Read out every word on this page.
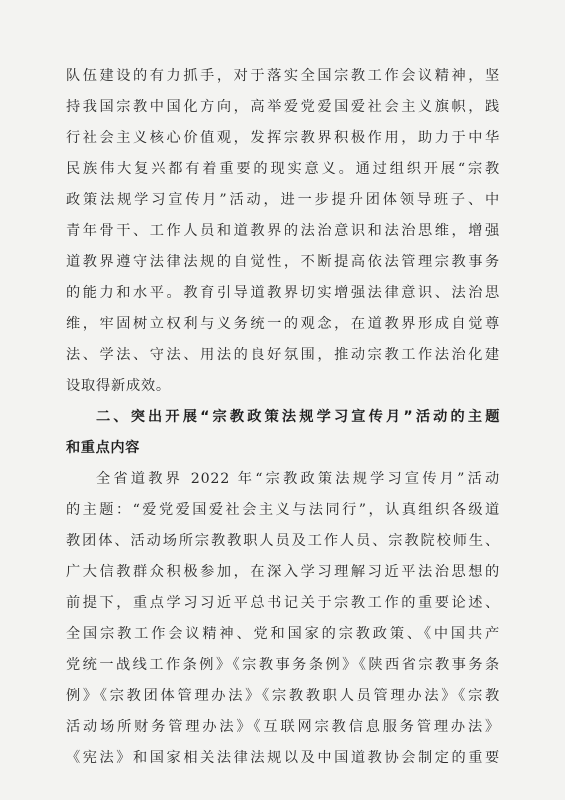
队伍建设的有力抓手，对于落实全国宗教工作会议精神，坚
持我国宗教中国化方向，高举爱党爱国爱社会主义旗帜，践
行社会主义核心价值观，发挥宗教界积极作用，助力于中华
民族伟大复兴都有着重要的现实意义。通过组织开展“宗教
政策法规学习宣传月”活动，进一步提升团体领导班子、中
青年骨干、工作人员和道教界的法治意识和法治思维，增强
道教界遵守法律法规的自觉性，不断提高依法管理宗教事务
的能力和水平。教育引导道教界切实增强法律意识、法治思
维，牢固树立权利与义务统一的观念，在道教界形成自觉尊
法、学法、守法、用法的良好氛围，推动宗教工作法治化建
设取得新成效。
二、突出开展“宗教政策法规学习宣传月”活动的主题
和重点内容
全省道教界 2022 年“宗教政策法规学习宣传月”活动
的主题：“爱党爱国爱社会主义与法同行”，认真组织各级道
教团体、活动场所宗教教职人员及工作人员、宗教院校师生、
广大信教群众积极参加，在深入学习理解习近平法治思想的
前提下，重点学习习近平总书记关于宗教工作的重要论述、
全国宗教工作会议精神、党和国家的宗教政策、《中国共产
党统一战线工作条例》《宗教事务条例》《陕西省宗教事务条
例》《宗教团体管理办法》《宗教教职人员管理办法》《宗教
活动场所财务管理办法》《互联网宗教信息服务管理办法》
《宪法》和国家相关法律法规以及中国道教协会制定的重要
